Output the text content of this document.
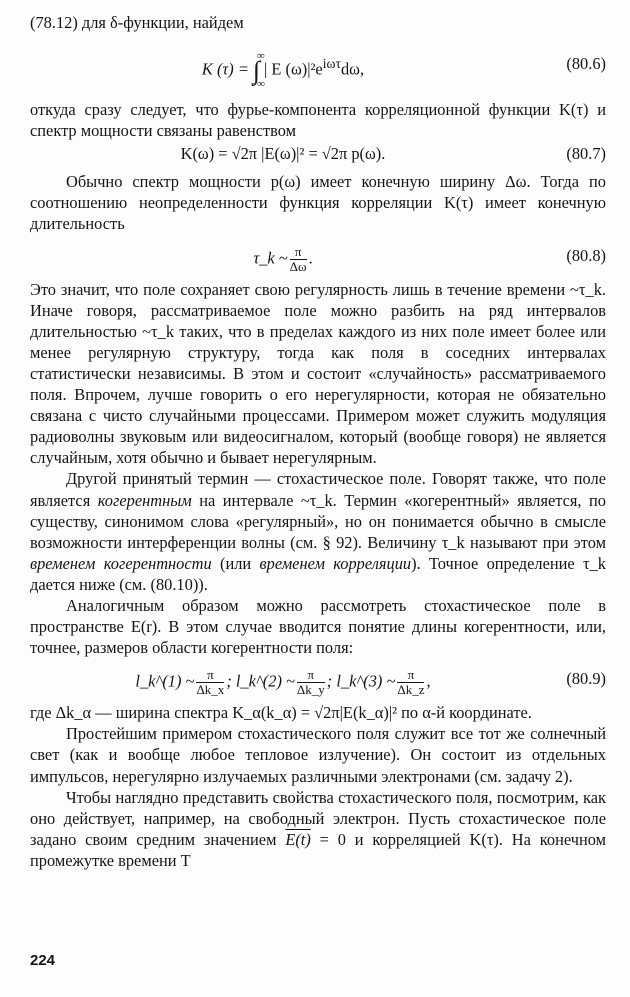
(78.12) для δ-функции, найдем

K (τ) = ∫
∞
−∞
| E $(\omega)|^2e^{i\omega\tau}d\omega$,	(80.6)

откуда сразу следует, что фурье-компонента корреляционной функции K(τ) и спектр мощности связаны равенством

K(ω) = √2π |E(ω)|² = √2π p(ω).	(80.7)

Обычно спектр мощности p(ω) имеет конечную ширину Δω. Тогда по соотношению неопределенности функция корреляции K(τ) имеет конечную длительность

τ_k ~ $\frac{\pi}{\Delta\omega}$ .	(80.8)

Это значит, что поле сохраняет свою регулярность лишь в течение времени ~τ_k. Иначе говоря, рассматриваемое поле можно разбить на ряд интервалов длительностью ~τ_k таких, что в пределах каждого из них поле имеет более или менее регулярную структуру, тогда как поля в соседних интервалах статистически независимы. В этом и состоит «случайность» рассматриваемого поля. Впрочем, лучше говорить о его нерегулярности, которая не обязательно связана с чисто случайными процессами. Примером может служить модуляция радиоволны звуковым или видеосигналом, который (вообще говоря) не является случайным, хотя обычно и бывает нерегулярным.

Другой принятый термин — стохастическое поле. Говорят также, что поле является когерентным на интервале ~τ_k. Термин «когерентный» является, по существу, синонимом слова «регулярный», но он понимается обычно в смысле возможности интерференции волны (см. § 92). Величину τ_k называют при этом временем когерентности (или временем корреляции). Точное определение τ_k дается ниже (см. (80.10)).

Аналогичным образом можно рассмотреть стохастическое поле в пространстве E(r). В этом случае вводится понятие длины когерентности, или, точнее, размеров области когерентности поля:

l_k^(1) ~ $\frac{\pi}{\Delta k\_x}$ ; l_k^(2) ~ $\frac{\pi}{\Delta k\_y}$ ; l_k^(3) ~ $\frac{\pi}{\Delta k\_z}$ ,	(80.9)

где Δk_α — ширина спектра K_α(k_α) = √2π|E(k_α)|² по α-й координате.

Простейшим примером стохастического поля служит все тот же солнечный свет (как и вообще любое тепловое излучение). Он состоит из отдельных импульсов, нерегулярно излучаемых различными электронами (см. задачу 2).

Чтобы наглядно представить свойства стохастического поля, посмотрим, как оно действует, например, на свободный электрон. Пусть стохастическое поле задано своим средним значением E(t) = 0 и корреляцией K(τ). На конечном промежутке времени T

224
